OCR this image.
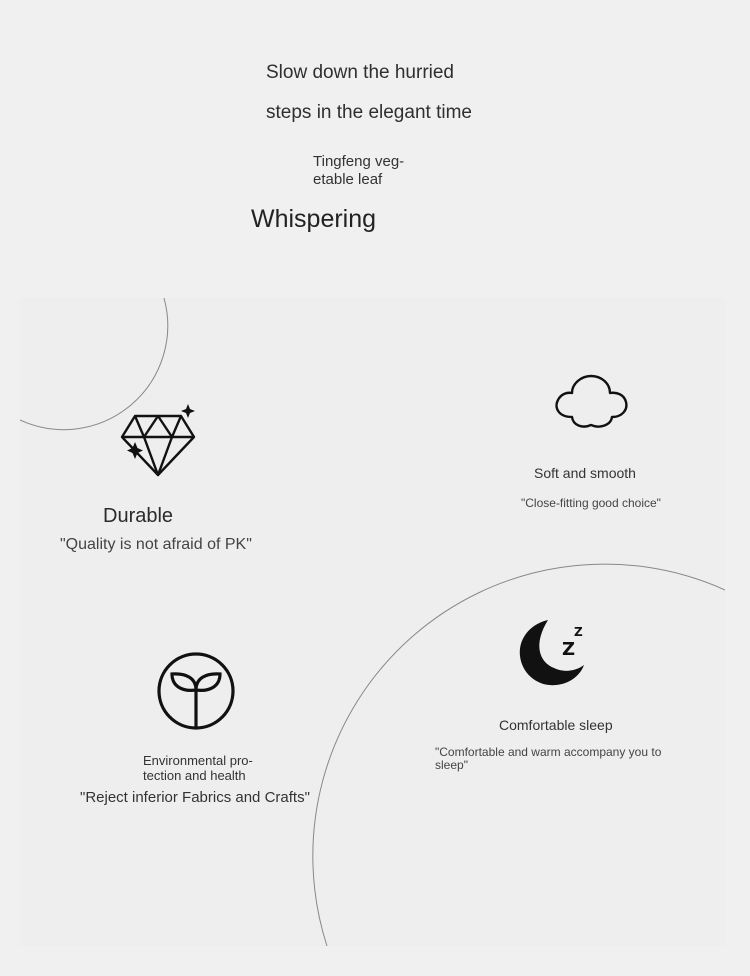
Slow down the hurried
steps in the elegant time
Tingfeng veg-
etable leaf
Whispering
Durable
"Quality is not afraid of PK"
Soft and smooth
"Close-fitting good choice"
Z
Z
Comfortable sleep
"Comfortable and warm accompany you to sleep"
Environmental pro-
tection and health
"Reject inferior Fabrics and Crafts"
